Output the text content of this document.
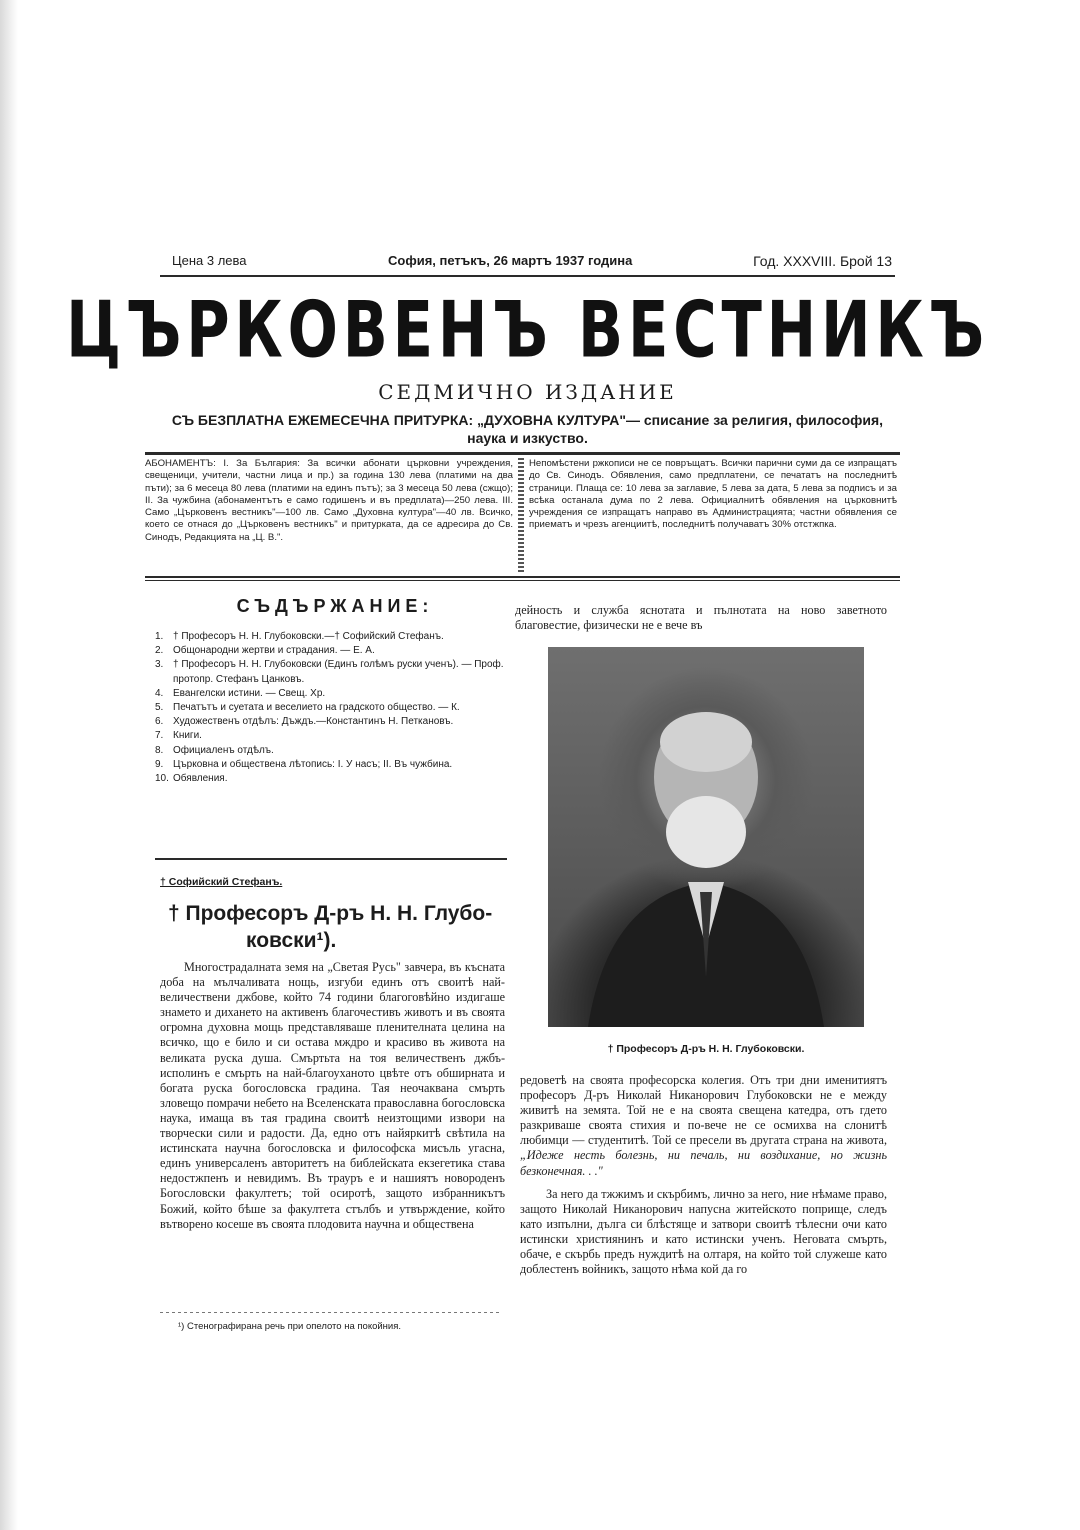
Цена 3 лева	София, петъкъ, 26 мартъ 1937 година	Год. XXXVIII. Брой 13
ЦЪРКОВЕНЪ ВЕСТНИКЪ
СЕДМИЧНО ИЗДАНИЕ
СЪ БЕЗПЛАТНА ЕЖЕМЕСЕЧНА ПРИТУРКА: „ДУХОВНА КУЛТУРА"— списание за религия, философия, наука и изкуство.
АБОНАМЕНТЪ: I. За България: За всички абонати църковни учреждения, свещеници, учители, частни лица и пр.) за година 130 лева (платими на два пъти); за 6 месеца 80 лева (платими на единъ пътъ); за 3 месеца 50 лева (сжщо); II. За чужбина (абонаментътъ е само годишенъ и въ предплата)—250 лева. III. Само „Църковенъ вестникъ"—100 лв. Само „Духовна култура"—40 лв. Всичко, което се отнася до „Църковенъ вестникъ" и притурката, да се адресира до Св. Синодъ, Редакцията на „Ц. В.".
Непомѣстени ржкописи не се повръщатъ. Всички парични суми да се изпращатъ до Св. Синодъ. Обявления, само предплатени, се печататъ на последнитѣ страници. Плаща се: 10 лева за заглавие, 5 лева за дата, 5 лева за подписъ и за всѣка останала дума по 2 лева. Официалнитѣ обявления на църковнитѣ учреждения се изпращатъ направо въ Администрацията; частни обявления се приематъ и чрезъ агенциитѣ, последнитѣ получаватъ 30% отстжпка.
СЪДЪРЖАНИЕ:
1. † Професоръ Н. Н. Глубоковски.—† Софийский Стефанъ.
2. Общонародни жертви и страдания. — Е. А.
3. † Професоръ Н. Н. Глубоковски (Единъ голѣмъ руски ученъ). — Проф. протопр. Стефанъ Цанковъ.
4. Евангелски истини. — Свещ. Хр.
5. Печатътъ и суетата и веселието на градското общество. — К.
6. Художественъ отдѣлъ: Дъждъ.—Константинъ Н. Петкановъ.
7. Книги.
8. Официаленъ отдѣлъ.
9. Църковна и обществена лѣтопись: I. У насъ; II. Въ чужбина.
10. Обявления.
† Софийский Стефанъ.
† Професоръ Д-ръ Н. Н. Глубо-
ковски¹).

Многострадалната земя на „Светая Русь" завчера, въ късната доба на мълчаливата нощь, изгуби единъ отъ своитѣ най-величествени джбове, който 74 години благоговѣйно издигаше знамето и дихането на активенъ благочестивъ животъ и въ своята огромна духовна мощь представляваше пленителната целина на всичко, що е било и си остава мждро и красиво въ живота на великата руска душа. Смъртьта на тоя величественъ джбъ-исполинъ е смърть на най-благоуханото цвѣте отъ обширната и богата руска богословска градина. Тая неочаквана смърть зловещо помрачи небето на Вселенската православна богословска наука, имаща въ тая градина своитѣ неизтощими извори на творчески сили и радости. Да, едно отъ найяркитѣ свѣтила на истинската научна богословска и философска мисъль угасна, единъ универсаленъ авторитетъ на библейската екзегетика става недостжпенъ и невидимъ. Въ трауръ е и нашиятъ новороденъ Богословски факултетъ; той осиротѣ, защото избранникътъ Божий, който бѣше за факултета стълбъ и утвърждение, който вътворено косеше въ своята плодовита научна и обществена

¹) Стенографирана речь при опелото на покойния.

дейность и служба яснотата и пълнотата на ново заветното благовестие, физически не е вече въ

† Професоръ Д-ръ Н. Н. Глубоковски.

редоветѣ на своята професорска колегия. Отъ три дни именитиятъ професоръ Д-ръ Николай Никанорович Глубоковски не е между живитѣ на земята. Той не е на своята свещена катедра, отъ гдето разкриваше своята стихия и по-вече не се осмихва на слонитѣ любимци — студентитѣ. Той се пресели въ другата страна на живота, „Идеже несть болезнь, ни печаль, ни воздихание, но жизнь безконечная. . ."

За него да тжжимъ и скърбимъ, лично за него, ние нѣмаме право, защото Николай Никанорович напусна житейското поприще, следъ като изпълни, дълга си блѣстяще и затвори своитѣ тѣлесни очи като истински християнинъ и като истински ученъ. Неговата смърть, обаче, е скърбь предъ нуждитѣ на олтаря, на който той служеше като доблестенъ войникъ, защото нѣма кой да го
